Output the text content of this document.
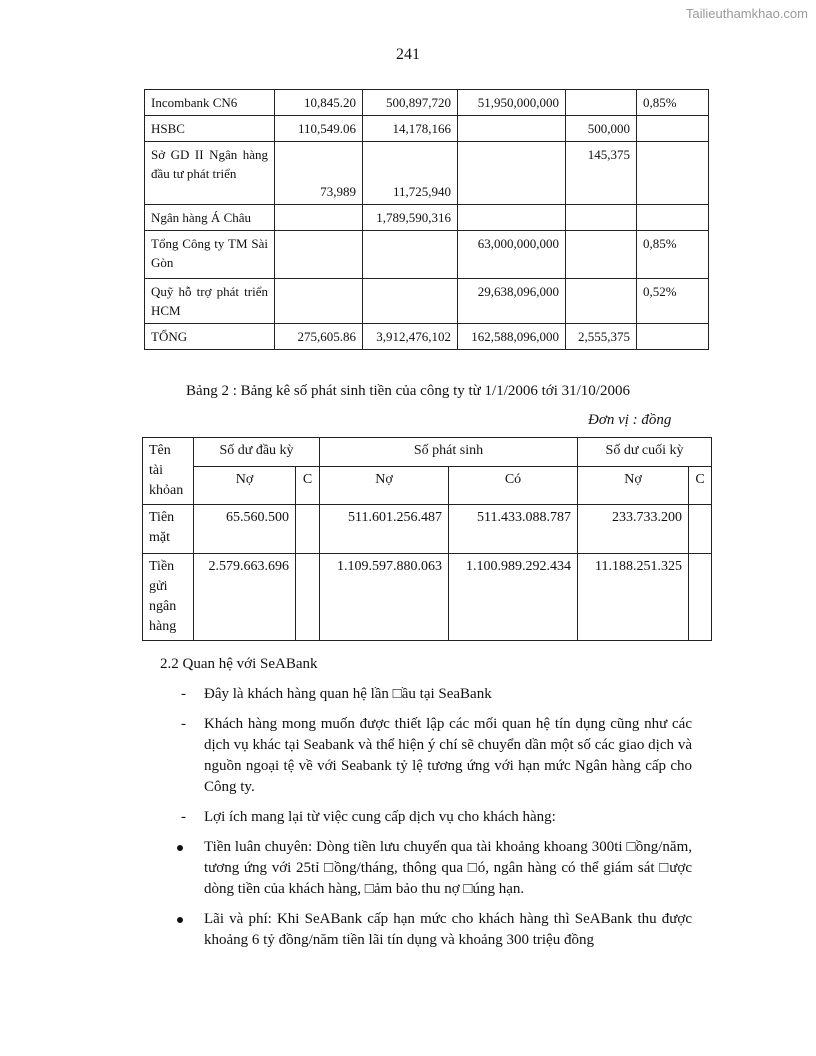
Tailieuthamkhao.com
241
Incombank CN6	10,845.20	500,897,720	51,950,000,000		0,85%
HSBC	110,549.06	14,178,166		500,000	
Sở GD II Ngân hàng đầu tư phát triển	73,989	11,725,940		145,375	
Ngân hàng Á Châu		1,789,590,316			
Tổng Công ty TM Sài Gòn			63,000,000,000		0,85%
Quỹ hỗ trợ phát triển HCM			29,638,096,000		0,52%
TỔNG	275,605.86	3,912,476,102	162,588,096,000	2,555,375	
Bảng 2 : Bảng kê số phát sinh tiền của công ty từ 1/1/2006 tới 31/10/2006
Đơn vị : đồng
Tên tài khỏan	Số dư đầu kỳ		Số phát sinh		Số dư cuối kỳ	
	Nợ	C	Nợ	Có	Nợ	C
Tiên mặt	65.560.500		511.601.256.487	511.433.088.787	233.733.200	
Tiền gửi ngân hàng	2.579.663.696		1.109.597.880.063	1.100.989.292.434	11.188.251.325	
2.2 Quan hệ với SeABank
- Đây là khách hàng quan hệ lần □ầu tại SeaBank
- Khách hàng mong muốn được thiết lập các mối quan hệ tín dụng cũng như các dịch vụ khác tại Seabank và thể hiện ý chí sẽ chuyển dần một số các giao dịch và nguồn ngoại tệ về với Seabank tỷ lệ tương ứng với hạn mức Ngân hàng cấp cho Công ty.
- Lợi ích mang lại từ việc cung cấp dịch vụ cho khách hàng:
Tiền luân chuyên: Dòng tiền lưu chuyển qua tài khoảng khoang 300ti □ồng/năm, tương ứng với 25tỉ □ồng/tháng, thông qua □ó, ngân hàng có thể giám sát □ược dòng tiền của khách hàng, □ảm bảo thu nợ □úng hạn.
Lãi và phí: Khi SeABank cấp hạn mức cho khách hàng thì SeABank thu được khoảng 6 tỷ đồng/năm tiền lãi tín dụng và khoảng 300 triệu đồng
